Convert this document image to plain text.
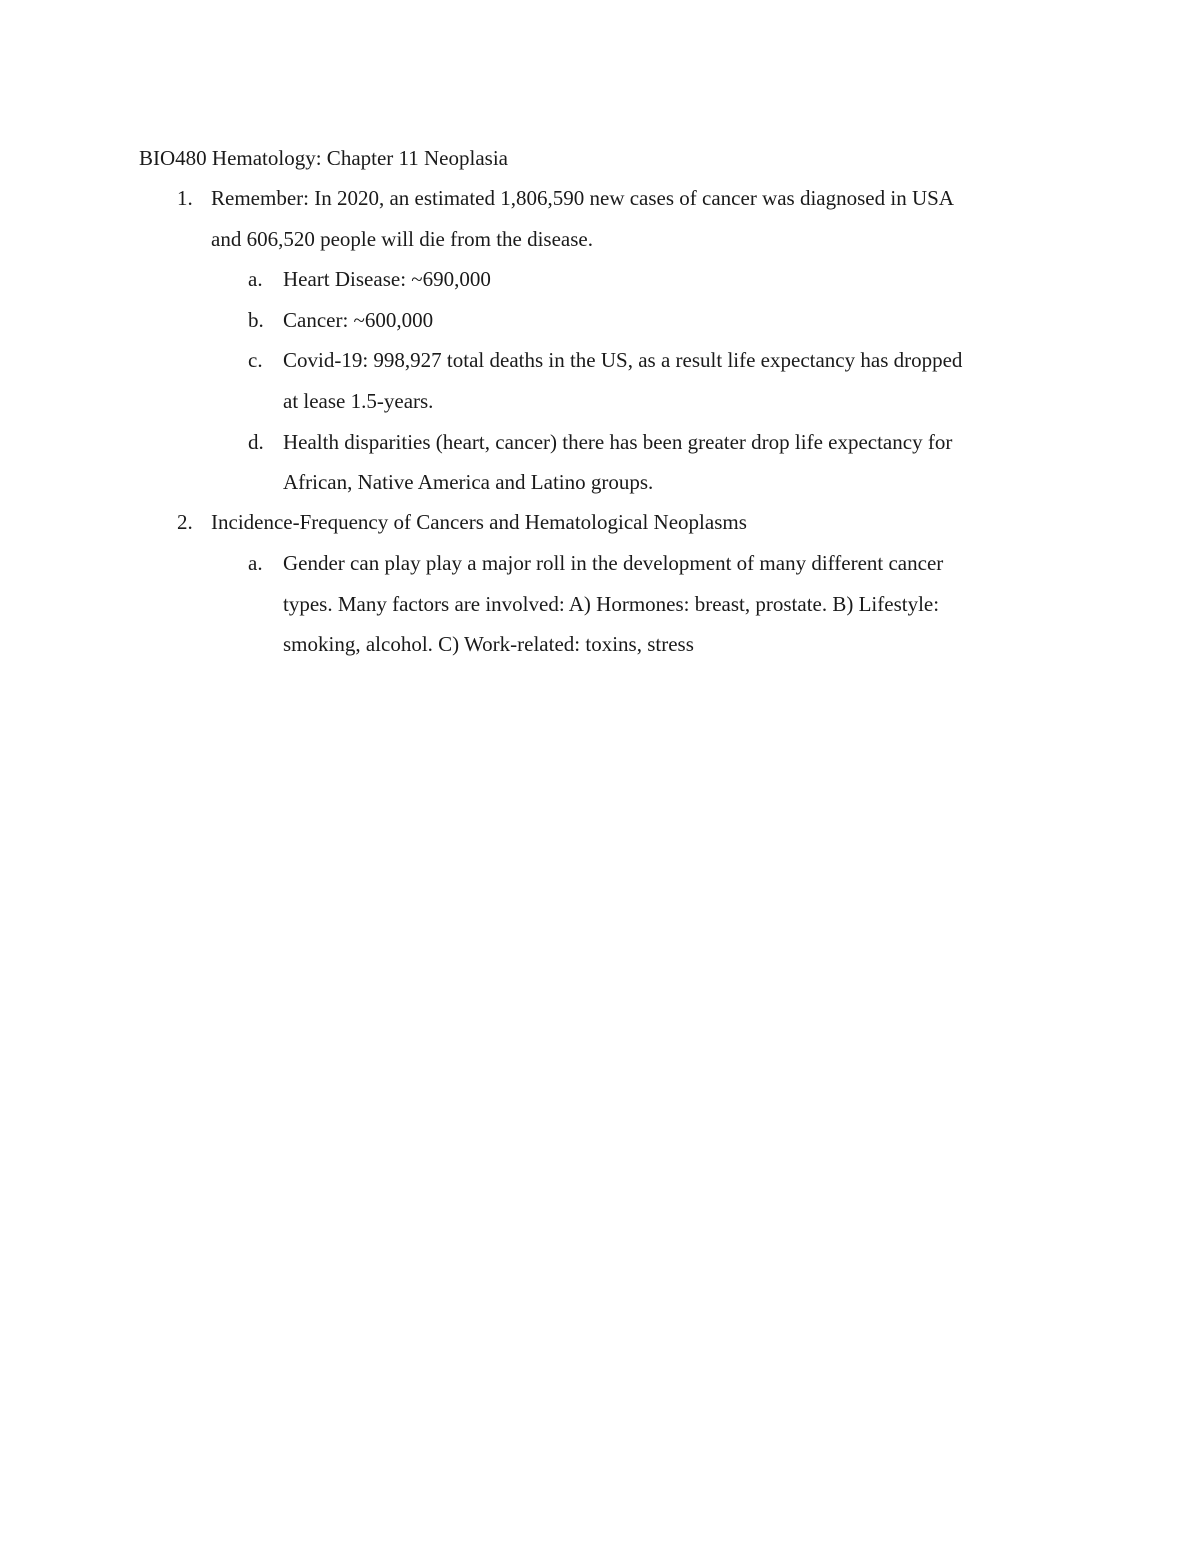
BIO480 Hematology: Chapter 11 Neoplasia
1. Remember: In 2020, an estimated 1,806,590 new cases of cancer was diagnosed in USA
and 606,520 people will die from the disease.
a. Heart Disease: ~690,000
b. Cancer: ~600,000
c. Covid-19: 998,927 total deaths in the US, as a result life expectancy has dropped
at lease 1.5-years.
d. Health disparities (heart, cancer) there has been greater drop life expectancy for
African, Native America and Latino groups.
2. Incidence-Frequency of Cancers and Hematological Neoplasms
a. Gender can play play a major roll in the development of many different cancer
types. Many factors are involved: A) Hormones: breast, prostate. B) Lifestyle:
smoking, alcohol. C) Work-related: toxins, stress
